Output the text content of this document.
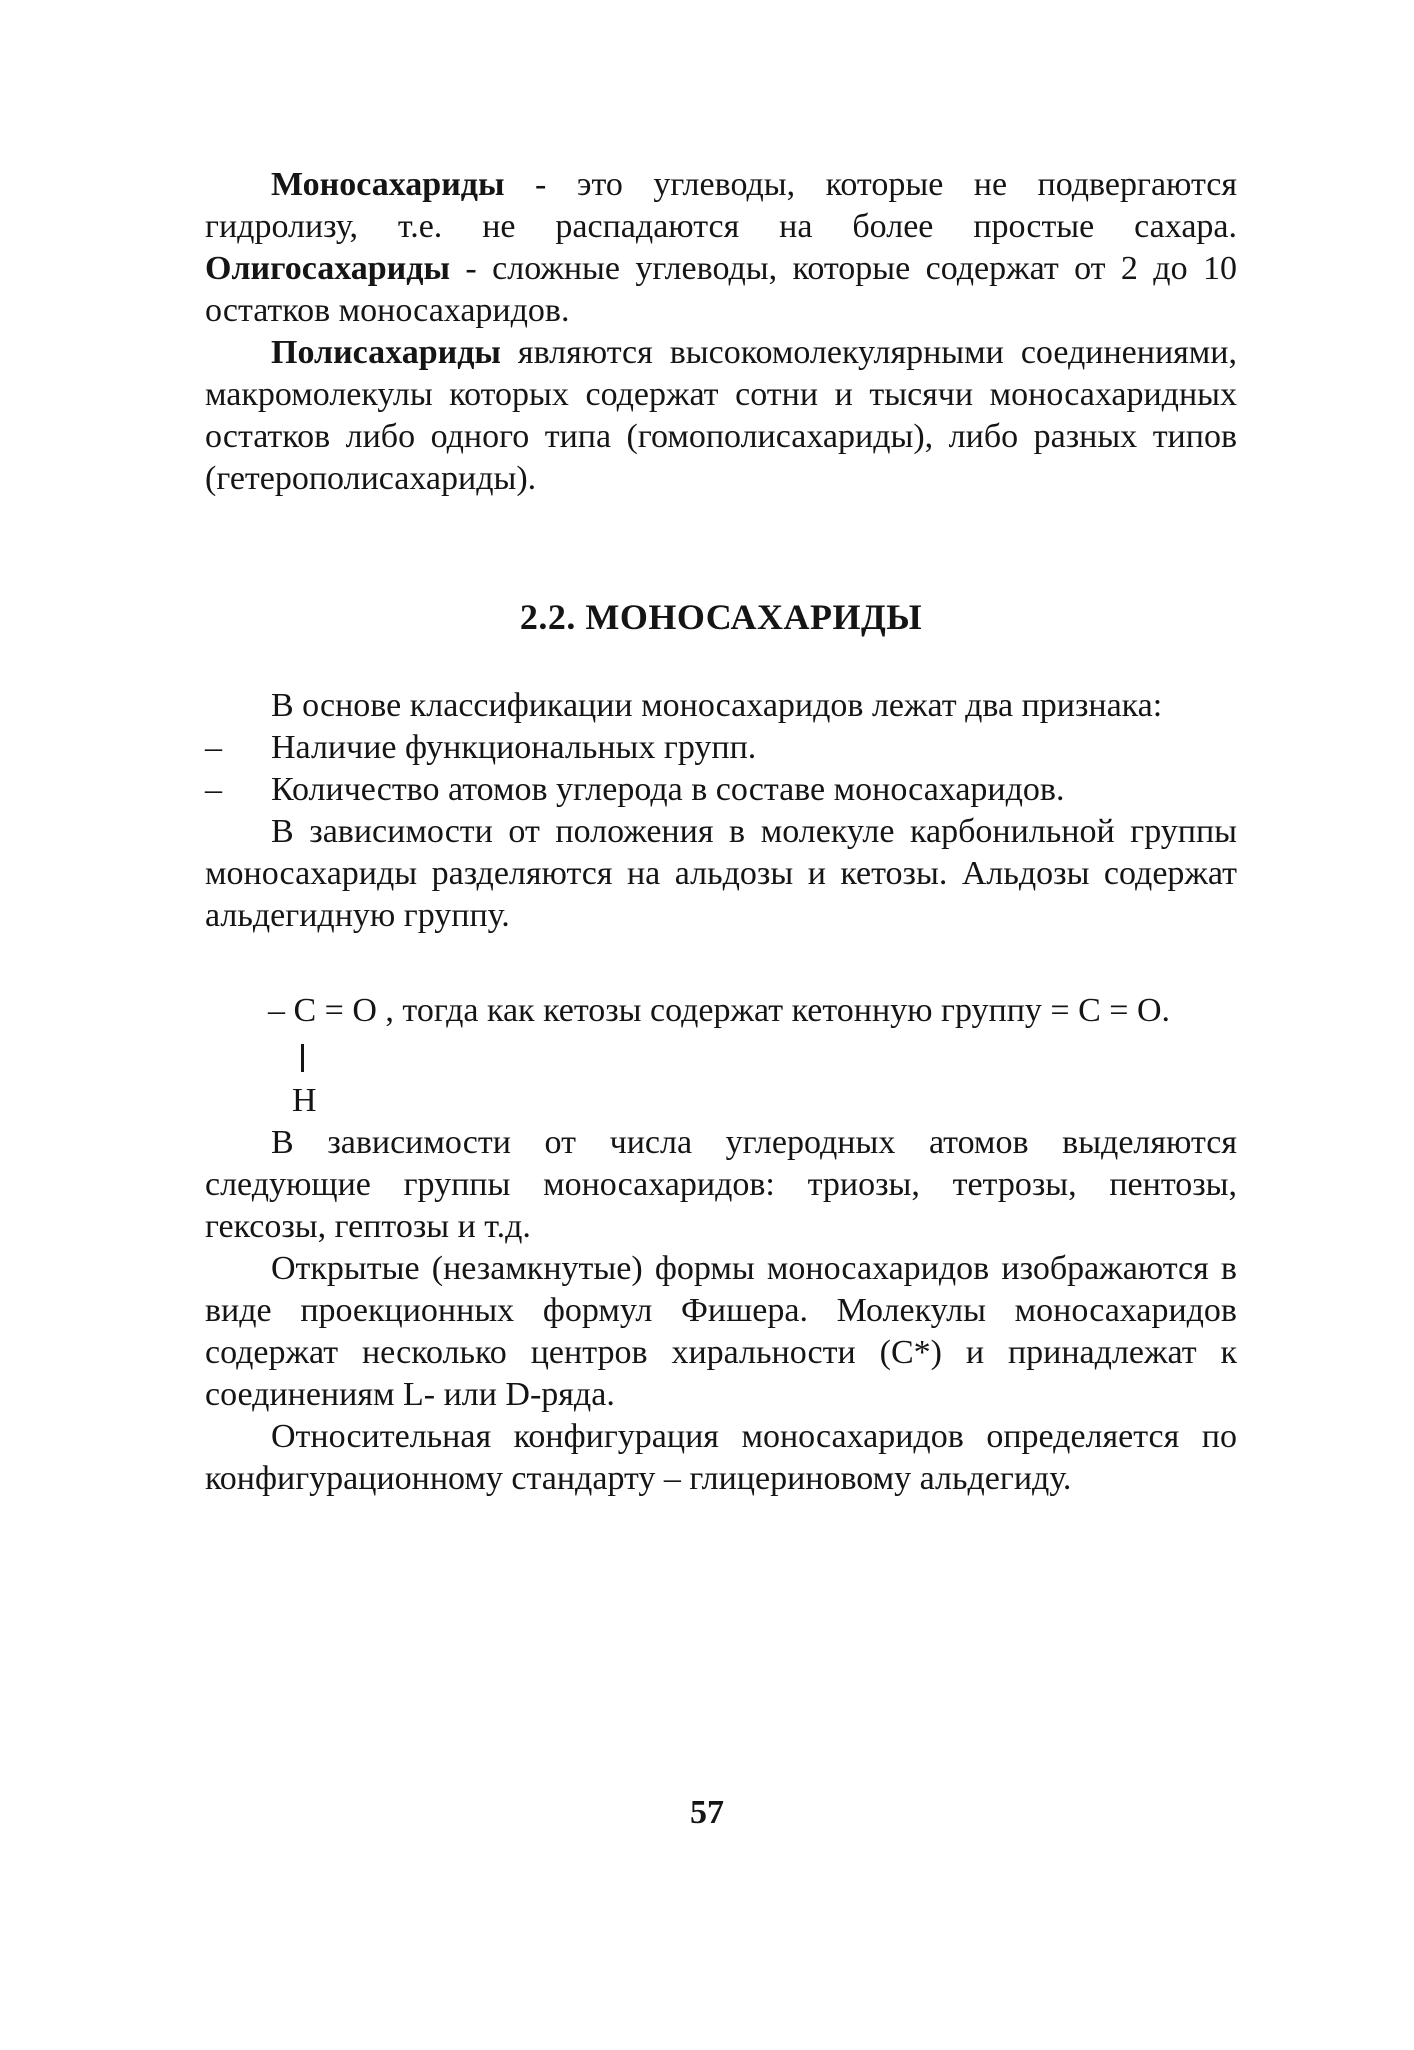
Моносахариды - это углеводы, которые не подвергаются гидролизу, т.е. не распадаются на более простые сахара. Олигосахариды - сложные углеводы, которые содержат от 2 до 10 остатков моносахаридов.

Полисахариды являются высокомолекулярными соединениями, макромолекулы которых содержат сотни и тысячи моносахаридных остатков либо одного типа (гомополисахариды), либо разных типов (гетерополисахариды).

2.2. МОНОСАХАРИДЫ

В основе классификации моносахаридов лежат два признака:

– Наличие функциональных групп.

– Количество атомов углерода в составе моносахаридов.

В зависимости от положения в молекуле карбонильной группы моносахариды разделяются на альдозы и кетозы. Альдозы содержат альдегидную группу.

– C = O , тогда как кетозы содержат кетонную группу = C = O.
H

В зависимости от числа углеродных атомов выделяются следующие группы моносахаридов: триозы, тетрозы, пентозы, гексозы, гептозы и т.д.

Открытые (незамкнутые) формы моносахаридов изображаются в виде проекционных формул Фишера. Молекулы моносахаридов содержат несколько центров хиральности (С*) и принадлежат к соединениям L- или D-ряда.

Относительная конфигурация моносахаридов определяется по конфигурационному стандарту – глицериновому альдегиду.

57
